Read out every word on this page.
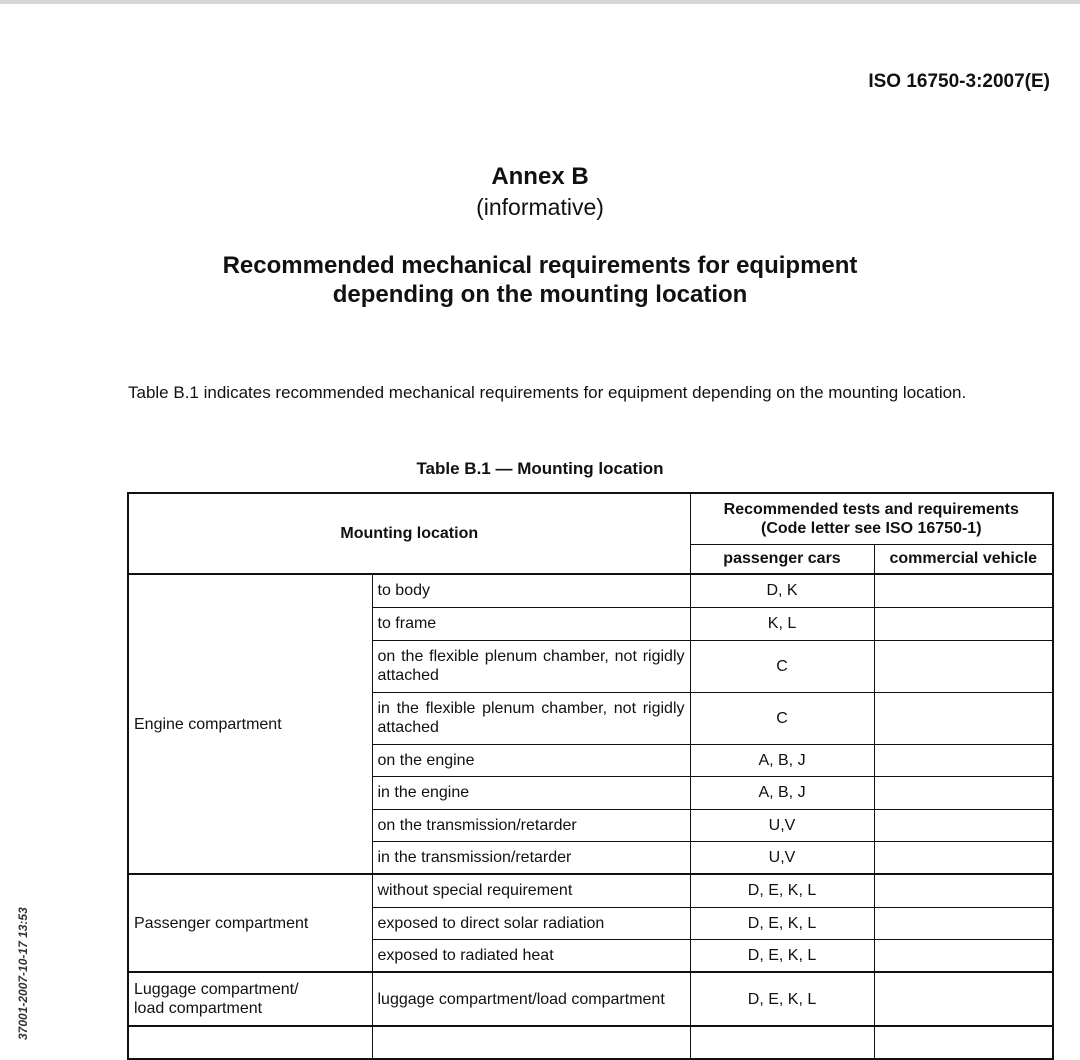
ISO 16750-3:2007(E)
Annex B
(informative)
Recommended mechanical requirements for equipment
depending on the mounting location
Table B.1 indicates recommended mechanical requirements for equipment depending on the mounting location.
Table B.1 — Mounting location
37001-2007-10-17 13:53
Mounting location		Recommended tests and requirements
(Code letter see ISO 16750-1)	

		passenger cars	commercial vehicle
Engine compartment	to body	D, K	
	to frame	K, L	
	on the flexible plenum chamber, not rigidly attached	C	
	in the flexible plenum chamber, not rigidly attached	C	
	on the engine	A, B, J	
	in the engine	A, B, J	
	on the transmission/retarder	U,V	
	in the transmission/retarder	U,V	
Passenger compartment	without special requirement	D, E, K, L	
	exposed to direct solar radiation	D, E, K, L	
	exposed to radiated heat	D, E, K, L	

Luggage compartment/
load compartment	luggage compartment/load compartment	D, E, K, L	
